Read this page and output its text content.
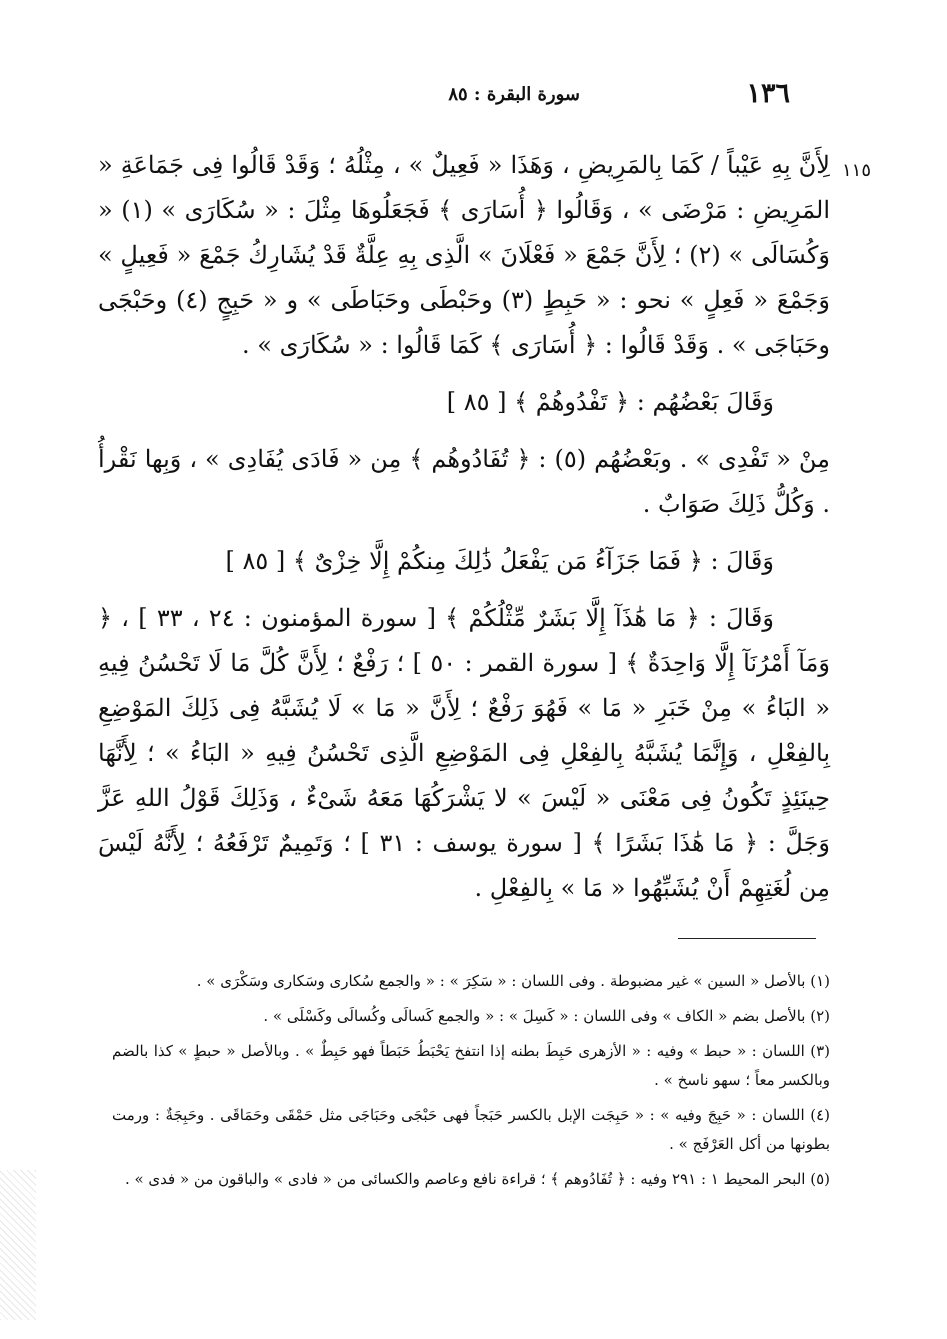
١٣٦
سورة البقرة : ٨٥
١١٥

لِأَنَّ بِهِ عَيْباً / كَمَا بِالمَرِيضِ ، وَهَذَا « فَعِيلٌ » ، مِثْلُهُ ؛ وَقَدْ قَالُوا فِى جَمَاعَةِ « المَرِيضِ : مَرْضَى » ، وَقَالُوا ﴿ أُسَارَى ﴾ فَجَعَلُوهَا مِثْلَ : « سُكَارَى » (١) « وَكُسَالَى » (٢) ؛ لِأَنَّ جَمْعَ « فَعْلَانَ » الَّذِى بِهِ عِلَّةٌ قَدْ يُشَارِكُ جَمْعَ « فَعِيلٍ » وَجَمْعَ « فَعِلٍ » نحو : « حَبِطٍ (٣) وحَبْطَى وحَبَاطَى » و « حَبِجٍ (٤) وحَبْجَى وحَبَاجَى » . وَقَدْ قَالُوا : ﴿ أُسَارَى ﴾ كَمَا قَالُوا : « سُكَارَى » .

وَقَالَ بَعْضُهُم : ﴿ تَفْدُوهُمْ ﴾ [ ٨٥ ]

مِنْ « تَفْدِى » . وبَعْضُهُم (٥) : ﴿ تُفَادُوهُم ﴾ مِن « فَادَى يُفَادِى » ، وَبِها نَقْرأُ . وَكُلُّ ذَلِكَ صَوَابٌ .

وَقَالَ : ﴿ فَمَا جَزَآءُ مَن يَفْعَلُ ذَٰلِكَ مِنكُمْ إِلَّا خِزْىٌ ﴾ [ ٨٥ ]

وَقَالَ : ﴿ مَا هَٰذَآ إِلَّا بَشَرٌ مِّثْلُكُمْ ﴾ [ سورة المؤمنون : ٢٤ ، ٣٣ ] ، ﴿ وَمَآ أَمْرُنَآ إِلَّا وَاحِدَةٌ ﴾ [ سورة القمر : ٥٠ ] ؛ رَفْعٌ ؛ لِأَنَّ كُلَّ مَا لَا تَحْسُنُ فِيهِ « البَاءُ » مِنْ خَبَرِ « مَا » فَهُوَ رَفْعٌ ؛ لِأَنَّ « مَا » لَا يُشَبَّهُ فِى ذَلِكَ المَوْضِعِ بِالفِعْلِ ، وَإِنَّمَا يُشَبَّهُ بِالفِعْلِ فِى المَوْضِعِ الَّذِى تَحْسُنُ فِيهِ « البَاءُ » ؛ لِأَنَّهَا حِينَئِذٍ تَكُونُ فِى مَعْنَى « لَيْسَ » لا يَشْرَكُهَا مَعَهُ شَىْءٌ ، وَذَلِكَ قَوْلُ اللهِ عَزَّ وَجَلَّ : ﴿ مَا هَٰذَا بَشَرًا ﴾ [ سورة يوسف : ٣١ ] ؛ وَتَمِيمٌ تَرْفَعُهُ ؛ لِأَنَّهُ لَيْسَ مِن لُغَتِهِمْ أَنْ يُشَبِّهُوا « مَا » بِالفِعْلِ .

(١) بالأصل « السين » غير مضبوطة . وفى اللسان : « سَكِرَ » : « والجمع سُكارى وسَكارى وسَكْرَى » .

(٢) بالأصل بضم « الكاف » وفى اللسان : « كَسِلَ » : « والجمع كَسالَى وكُسالَى وكَسْلَى » .

(٣) اللسان : « حبط » وفيه : « الأزهرى حَبِطَ بطنه إذا انتفخ يَحْبَطُ حَبَطاً فهو حَبِطٌ » . وبالأصل « حبطٍ » كذا بالضم وبالكسر معاً ؛ سهو ناسخ » .

(٤) اللسان : « حَبِجَ وفيه » : « حَبِجَت الإبل بالكسر حَبَجاً فهى حَبْجَى وحَبَاجَى مثل حَمْقَى وحَمَاقَى . وحَبِجَةٌ : ورمت بطونها من أكل العَرْفَج » .

(٥) البحر المحيط ١ : ٢٩١ وفيه : ﴿ تُفَادُوهم ﴾ ؛ قراءة نافع وعاصم والكسائى من « فادى » والباقون من « فدى » .
